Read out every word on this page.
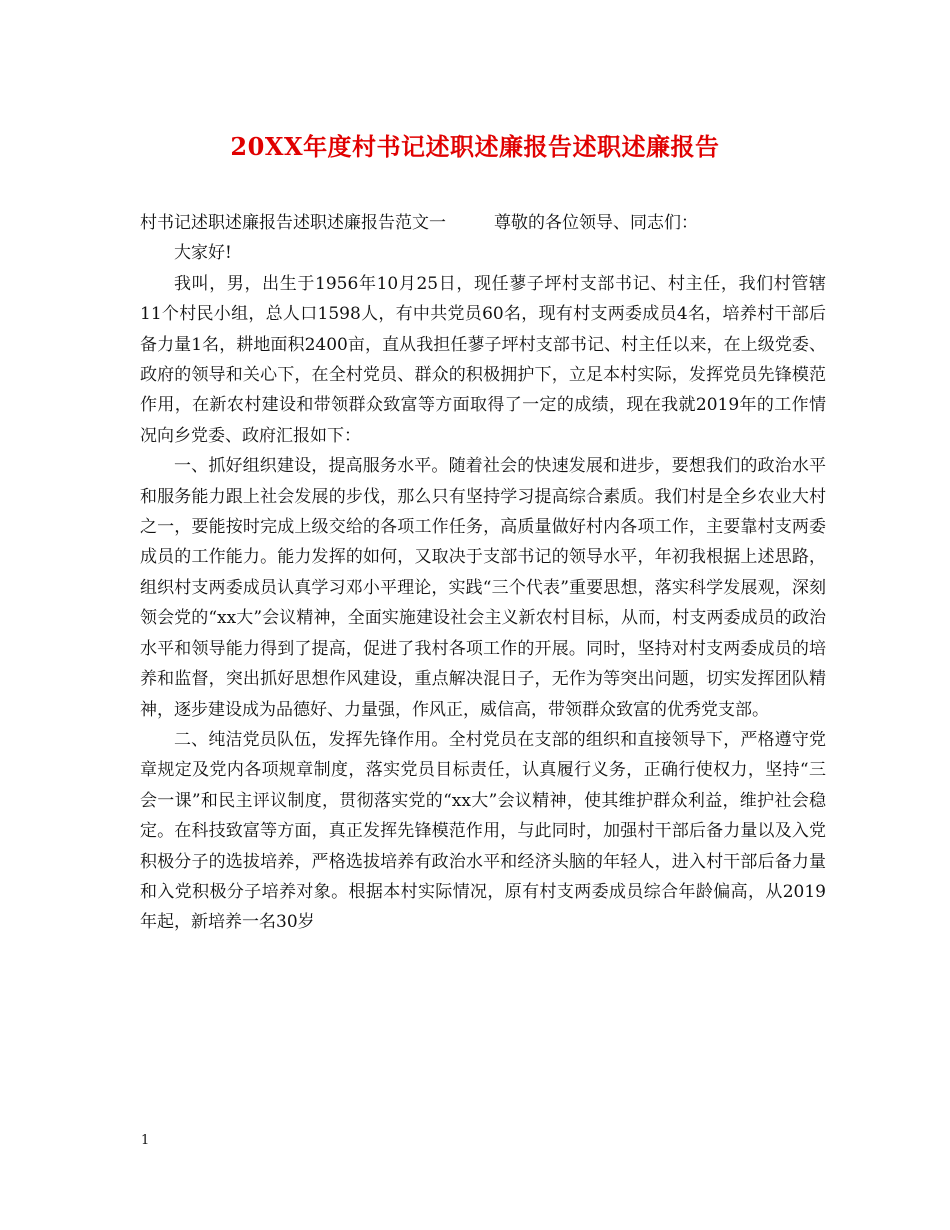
20XX年度村书记述职述廉报告述职述廉报告

村书记述职述廉报告述职述廉报告范文一	尊敬的各位领导、同志们：

大家好!

我叫，男，出生于1956年10月25日，现任蓼子坪村支部书记、村主任，我们村管辖11个村民小组，总人口1598人，有中共党员60名，现有村支两委成员4名，培养村干部后备力量1名，耕地面积2400亩，直从我担任蓼子坪村支部书记、村主任以来，在上级党委、政府的领导和关心下，在全村党员、群众的积极拥护下，立足本村实际，发挥党员先锋模范作用，在新农村建设和带领群众致富等方面取得了一定的成绩，现在我就2019年的工作情况向乡党委、政府汇报如下：

一、抓好组织建设，提高服务水平。随着社会的快速发展和进步，要想我们的政治水平和服务能力跟上社会发展的步伐，那么只有坚持学习提高综合素质。我们村是全乡农业大村之一，要能按时完成上级交给的各项工作任务，高质量做好村内各项工作，主要靠村支两委成员的工作能力。能力发挥的如何，又取决于支部书记的领导水平，年初我根据上述思路，组织村支两委成员认真学习邓小平理论，实践“三个代表”重要思想，落实科学发展观，深刻领会党的“xx大”会议精神，全面实施建设社会主义新农村目标，从而，村支两委成员的政治水平和领导能力得到了提高，促进了我村各项工作的开展。同时，坚持对村支两委成员的培养和监督，突出抓好思想作风建设，重点解决混日子，无作为等突出问题，切实发挥团队精神，逐步建设成为品德好、力量强，作风正，威信高，带领群众致富的优秀党支部。

二、纯洁党员队伍，发挥先锋作用。全村党员在支部的组织和直接领导下，严格遵守党章规定及党内各项规章制度，落实党员目标责任，认真履行义务，正确行使权力，坚持“三会一课”和民主评议制度，贯彻落实党的“xx大”会议精神，使其维护群众利益，维护社会稳定。在科技致富等方面，真正发挥先锋模范作用，与此同时，加强村干部后备力量以及入党积极分子的选拔培养，严格选拔培养有政治水平和经济头脑的年轻人，进入村干部后备力量和入党积极分子培养对象。根据本村实际情况，原有村支两委成员综合年龄偏高，从2019年起，新培养一名30岁

1
